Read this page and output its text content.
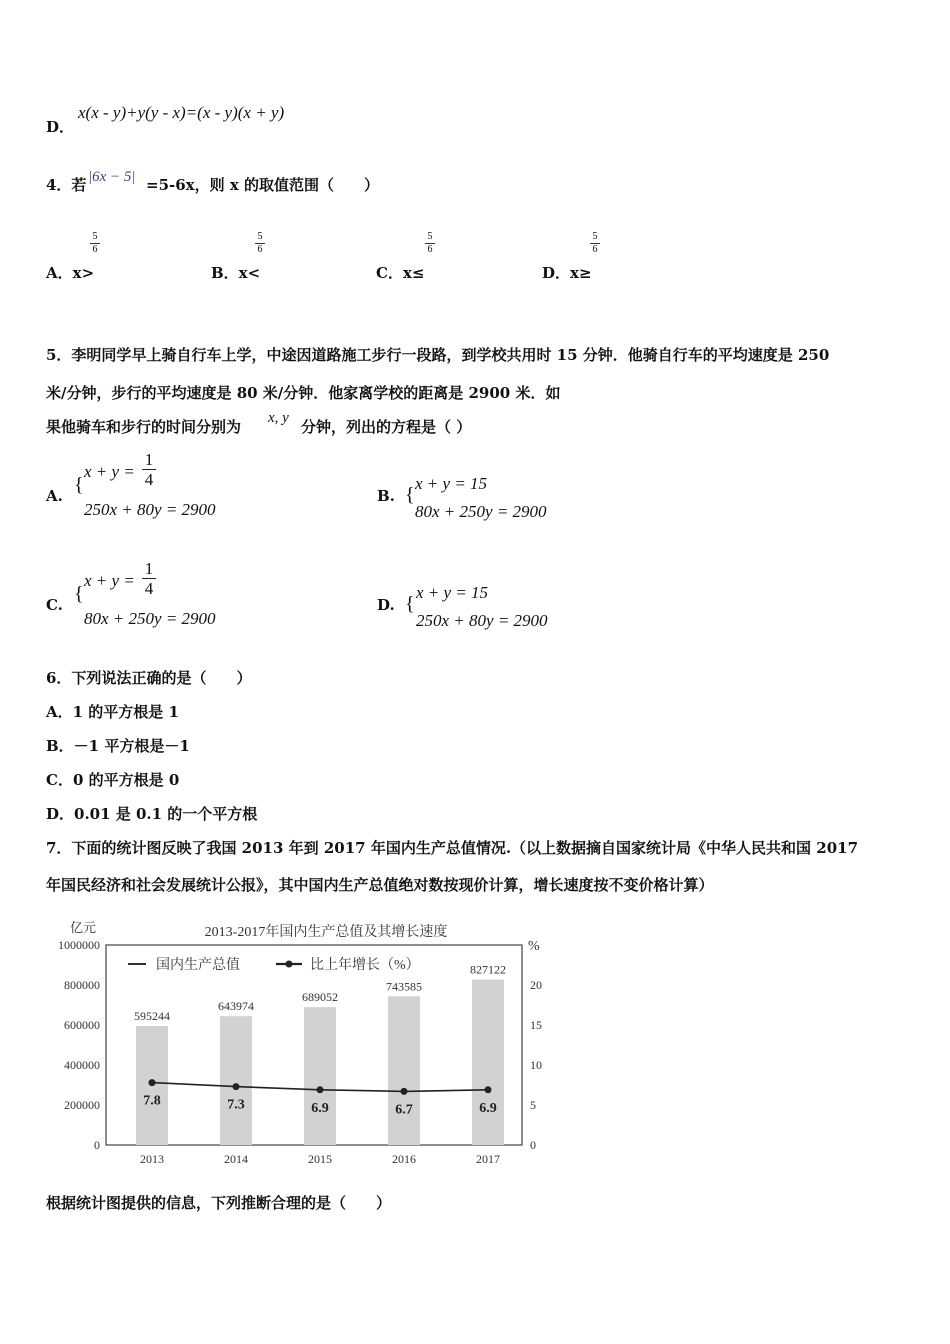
D．
x(x - y)+y(y - x)=(x - y)(x + y)
4．若 |6x − 5| =5-6x，则 x 的取值范围（　　）
A．x>
5
6
B．x<
5
6
C．x≤
5
6
D．x≥
5
6
5．李明同学早上骑自行车上学，中途因道路施工步行一段路，到学校共用时 15 分钟．他骑自行车的平均速度是 250
米/分钟，步行的平均速度是 80 米/分钟．他家离学校的距离是 2900 米．如
果他骑车和步行的时间分别为 x, y 分钟，列出的方程是（ ）
A. {
x + y =
1
4
250x + 80y = 2900
B. {
x + y = 15
80x + 250y = 2900
C. {
x + y =
1
4
80x + 250y = 2900
D. {
x + y = 15
250x + 80y = 2900
6．下列说法正确的是（　　）
A．1 的平方根是 1
B．－1 平方根是－1
C．0 的平方根是 0
D．0.01 是 0.1 的一个平方根
7．下面的统计图反映了我国 2013 年到 2017 年国内生产总值情况.（以上数据摘自国家统计局《中华人民共和国 2017
年国民经济和社会发展统计公报》，其中国内生产总值绝对数按现价计算，增长速度按不变价格计算）
亿元
%
2013-2017年国内生产总值及其增长速度
国内生产总值	比上年增长（%）
1000000
800000
600000
400000
200000
0
20
15
10
5
0
595244
643974
689052
743585
827122
2013	2014	2015	2016	2017
7.8	7.3	6.9	6.7	6.9
根据统计图提供的信息，下列推断合理的是（　　）
